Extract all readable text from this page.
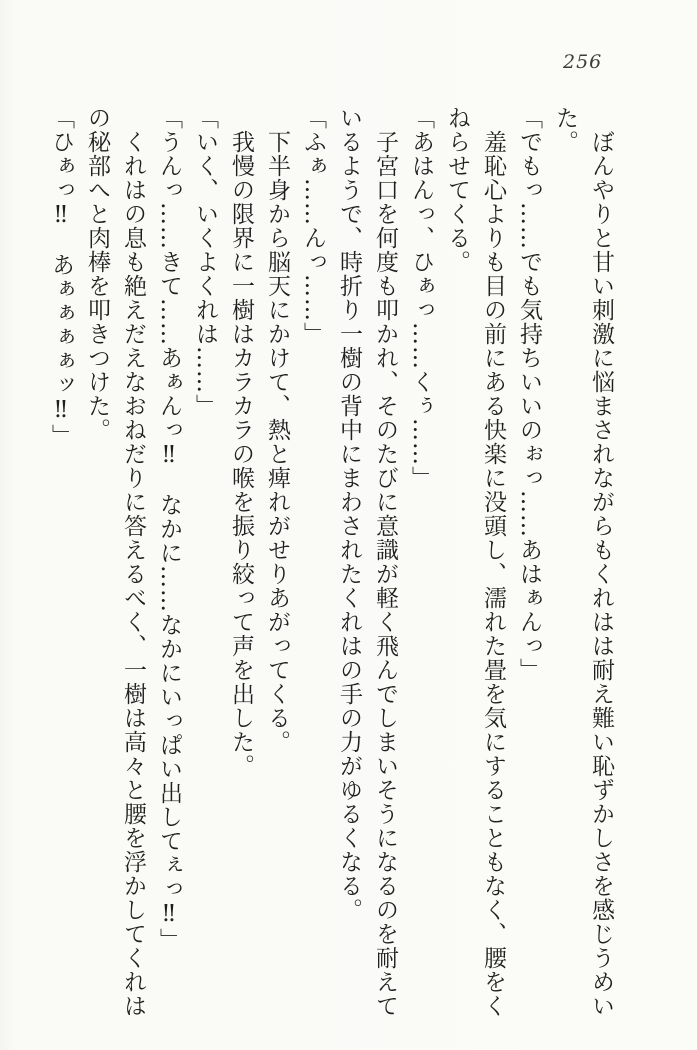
256

ぼんやりと甘い刺激に悩まされながらもくれはは耐え難い恥ずかしさを感じうめい

た。

「でもっ……でも気持ちいいのぉっ……あはぁんっ」

羞恥心よりも目の前にある快楽に没頭し、濡れた畳を気にすることもなく、腰をく

ねらせてくる。

「あはんっ、ひぁっ……くぅ……」

子宮口を何度も叩かれ、そのたびに意識が軽く飛んでしまいそうになるのを耐えて

いるようで、時折り一樹の背中にまわされたくれはの手の力がゆるくなる。

「ふぁ……んっ……」

下半身から脳天にかけて、熱と痺れがせりあがってくる。

我慢の限界に一樹はカラカラの喉を振り絞って声を出した。

「いく、いくよくれは……」

「うんっ……きて……あぁんっ‼　なかに……なかにいっぱい出してぇっ‼」

くれはの息も絶えだえなおねだりに答えるべく、一樹は高々と腰を浮かしてくれは

の秘部へと肉棒を叩きつけた。

「ひぁっ‼　あぁぁぁぁッ‼」
